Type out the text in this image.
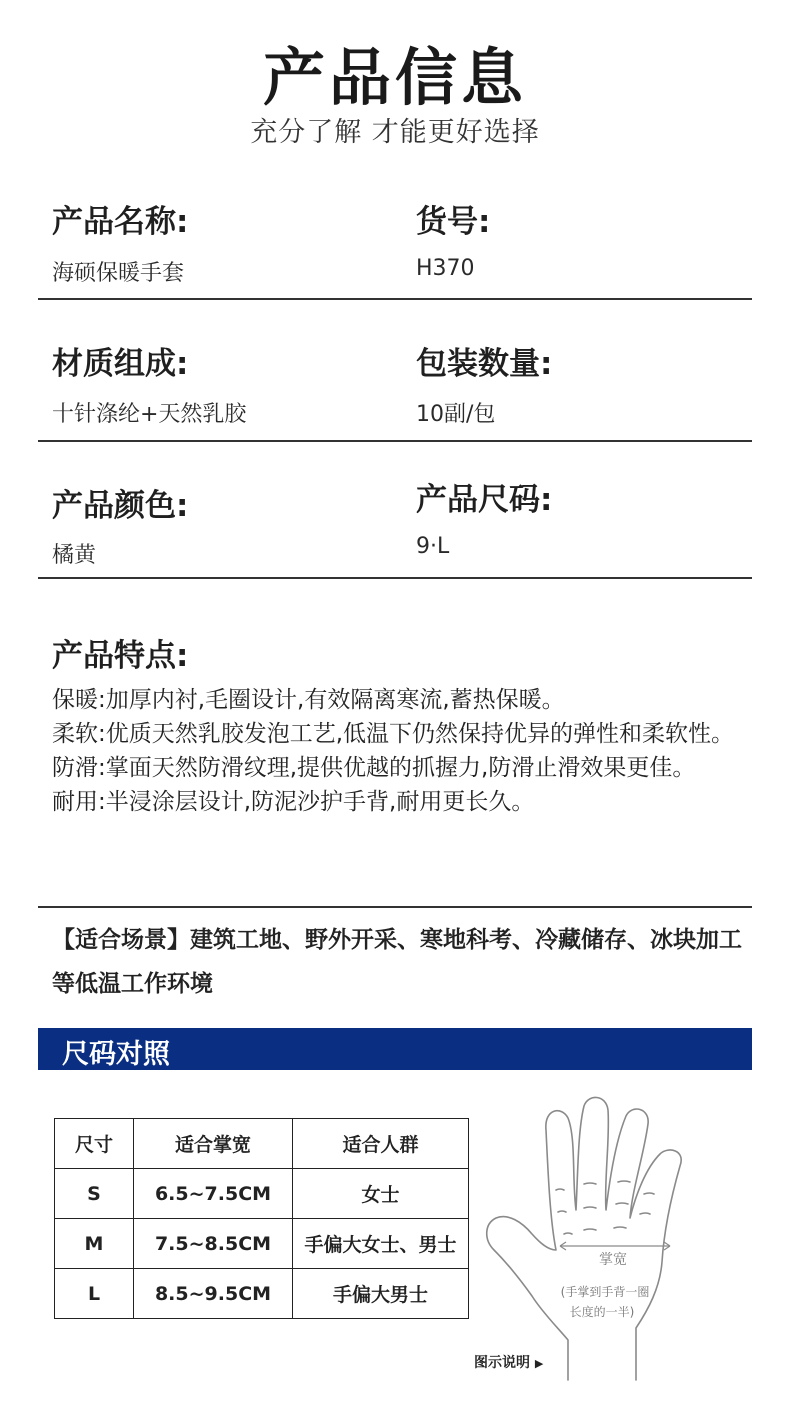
产品信息
充分了解 才能更好选择
产品名称:
海硕保暖手套
货号:
H370
材质组成:
十针涤纶+天然乳胶
包装数量:
10副/包
产品颜色:
橘黄
产品尺码:
9·L
产品特点:

保暖:加厚内衬,毛圈设计,有效隔离寒流,蓄热保暖。

柔软:优质天然乳胶发泡工艺,低温下仍然保持优异的弹性和柔软性。

防滑:掌面天然防滑纹理,提供优越的抓握力,防滑止滑效果更佳。

耐用:半浸涂层设计,防泥沙护手背,耐用更长久。

【适合场景】建筑工地、野外开采、寒地科考、冷藏储存、冰块加工等低温工作环境
尺码对照
尺寸	适合掌宽	适合人群
S	6.5~7.5CM	女士
M	7.5~8.5CM	手偏大女士、男士
L	8.5~9.5CM	手偏大男士
掌宽
(手掌到手背一圈
长度的一半)
图示说明 ▶
